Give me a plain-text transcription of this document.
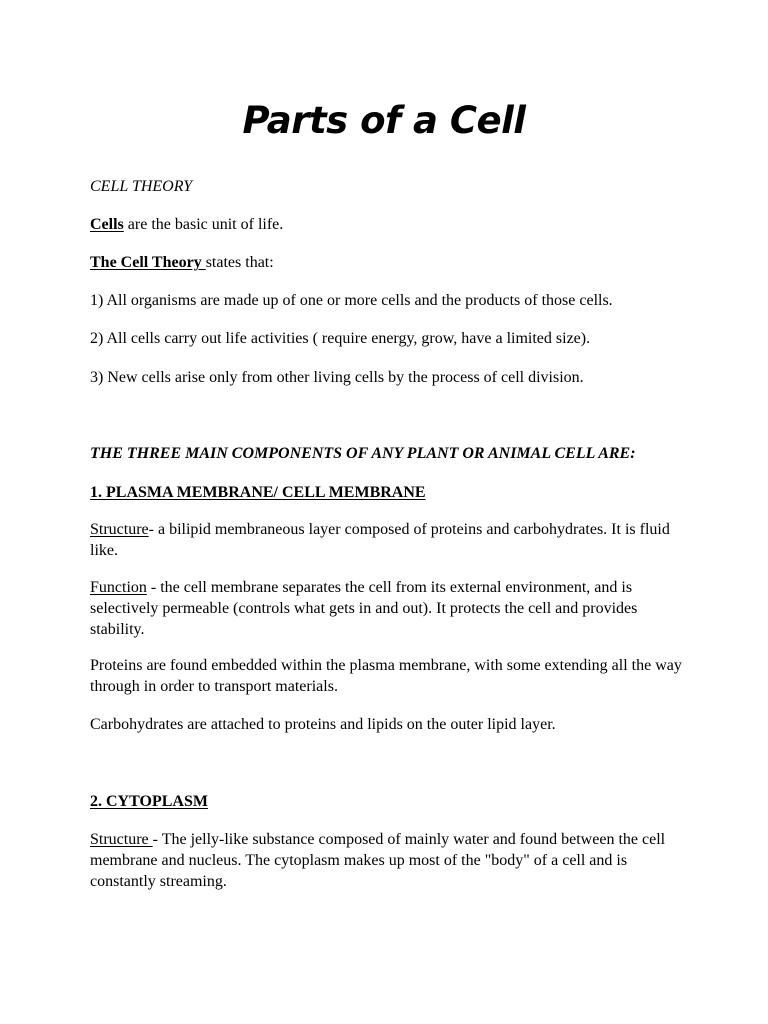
Parts of a Cell

CELL THEORY

Cells are the basic unit of life.

The Cell Theory states that:

1) All organisms are made up of one or more cells and the products of those cells.

2) All cells carry out life activities ( require energy, grow, have a limited size).

3) New cells arise only from other living cells by the process of cell division.

THE THREE MAIN COMPONENTS OF ANY PLANT OR ANIMAL CELL ARE:

1. PLASMA MEMBRANE/ CELL MEMBRANE

Structure- a bilipid membraneous layer composed of proteins and carbohydrates. It is fluid like.

Function - the cell membrane separates the cell from its external environment, and is selectively permeable (controls what gets in and out). It protects the cell and provides stability.

Proteins are found embedded within the plasma membrane, with some extending all the way through in order to transport materials.

Carbohydrates are attached to proteins and lipids on the outer lipid layer.

2. CYTOPLASM

Structure - The jelly-like substance composed of mainly water and found between the cell membrane and nucleus. The cytoplasm makes up most of the "body" of a cell and is constantly streaming.
